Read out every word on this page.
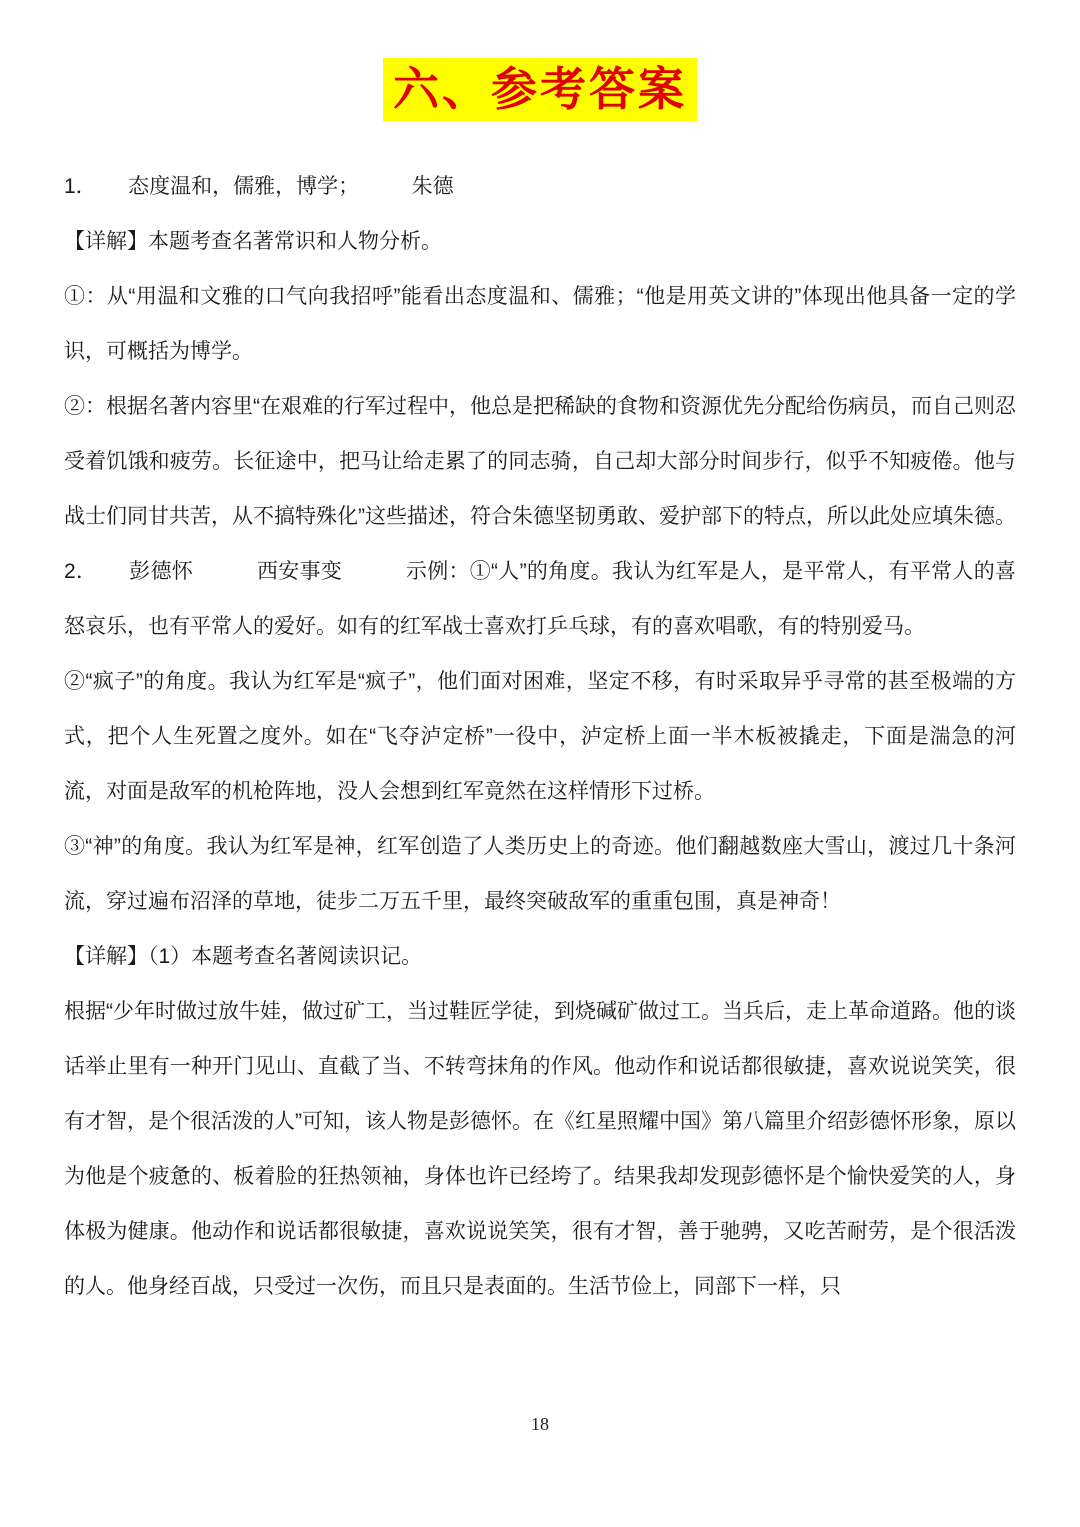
六、参考答案

1．　　态度温和，儒雅，博学；　　　朱德

【详解】本题考查名著常识和人物分析。

①：从“用温和文雅的口气向我招呼”能看出态度温和、儒雅；“他是用英文讲的”体现出他具备一定的学识，可概括为博学。

②：根据名著内容里“在艰难的行军过程中，他总是把稀缺的食物和资源优先分配给伤病员，而自己则忍受着饥饿和疲劳。长征途中，把马让给走累了的同志骑，自己却大部分时间步行，似乎不知疲倦。他与战士们同甘共苦，从不搞特殊化”这些描述，符合朱德坚韧勇敢、爱护部下的特点，所以此处应填朱德。

2．　　彭德怀　　　西安事变　　　示例：①“人”的角度。我认为红军是人，是平常人，有平常人的喜怒哀乐，也有平常人的爱好。如有的红军战士喜欢打乒乓球，有的喜欢唱歌，有的特别爱马。

②“疯子”的角度。我认为红军是“疯子”，他们面对困难，坚定不移，有时采取异乎寻常的甚至极端的方式，把个人生死置之度外。如在“飞夺泸定桥”一役中，泸定桥上面一半木板被撬走，下面是湍急的河流，对面是敌军的机枪阵地，没人会想到红军竟然在这样情形下过桥。

③“神”的角度。我认为红军是神，红军创造了人类历史上的奇迹。他们翻越数座大雪山，渡过几十条河流，穿过遍布沼泽的草地，徒步二万五千里，最终突破敌军的重重包围，真是神奇！

【详解】（1）本题考查名著阅读识记。

根据“少年时做过放牛娃，做过矿工，当过鞋匠学徒，到烧碱矿做过工。当兵后，走上革命道路。他的谈话举止里有一种开门见山、直截了当、不转弯抹角的作风。他动作和说话都很敏捷，喜欢说说笑笑，很有才智，是个很活泼的人”可知，该人物是彭德怀。在《红星照耀中国》第八篇里介绍彭德怀形象，原以为他是个疲惫的、板着脸的狂热领袖，身体也许已经垮了。结果我却发现彭德怀是个愉快爱笑的人，身体极为健康。他动作和说话都很敏捷，喜欢说说笑笑，很有才智，善于驰骋，又吃苦耐劳，是个很活泼的人。他身经百战，只受过一次伤，而且只是表面的。生活节俭上，同部下一样，只

18
